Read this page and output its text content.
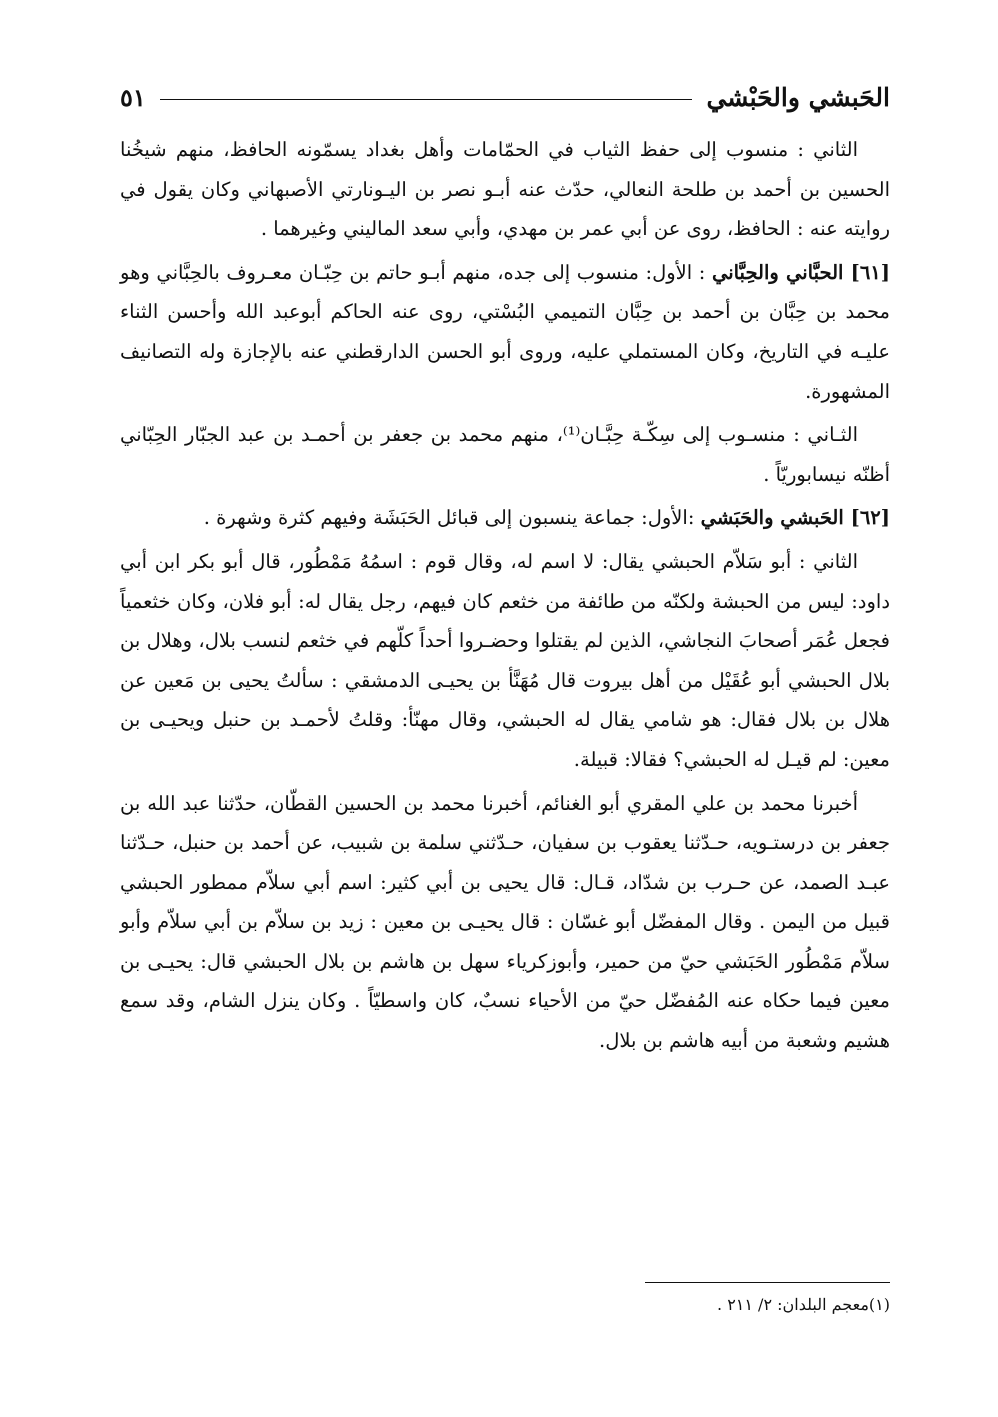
الحَبشي والحَبْشي
٥١

الثاني : منسوب إلى حفظ الثياب في الحمّامات وأهل بغداد يسمّونه الحافظ، منهم شيخُنا الحسين بن أحمد بن طلحة النعالي، حدّث عنه أبـو نصر بن اليـونارتي الأصبهاني وكان يقول في روايته عنه : الحافظ، روى عن أبي عمر بن مهدي، وأبي سعد الماليني وغيرهما .

[٦١] الحبَّاني والحِبَّاني : الأول: منسوب إلى جده، منهم أبـو حاتم بن حِبّـان معـروف بالحِبَّاني وهو محمد بن حِبَّان بن أحمد بن حِبَّان التميمي البُسْتي، روى عنه الحاكم أبوعبد الله وأحسن الثناء عليـه في التاريخ، وكان المستملي عليه، وروى أبو الحسن الدارقطني عنه بالإجازة وله التصانيف المشهورة.

الثـاني : منسـوب إلى سِكّـة حِبَّـان⁽¹⁾، منهم محمد بن جعفر بن أحمـد بن عبد الجبّار الحِبّاني أظنّه نيسابوريّاً .

[٦٢] الحَبشي والحَبَشي :الأول: جماعة ينسبون إلى قبائل الحَبَشَة وفيهم كثرة وشهرة .

الثاني : أبو سَلاّم الحبشي يقال: لا اسم له، وقال قوم : اسمُهُ مَمْطُور، قال أبو بكر ابن أبي داود: ليس من الحبشة ولكنّه من طائفة من خثعم كان فيهم، رجل يقال له: أبو فلان، وكان خثعمياً فجعل عُمَر أصحابَ النجاشي، الذين لم يقتلوا وحضـروا أحداً كلّهم في خثعم لنسب بلال، وهلال بن بلال الحبشي أبو عُقَيْل من أهل بيروت قال مُهَنَّأ بن يحيـى الدمشقي : سألتُ يحيى بن مَعين عن هلال بن بلال فقال: هو شامي يقال له الحبشي، وقال مهنّأ: وقلتُ لأحمـد بن حنبل ويحيـى بن معين: لم قيـل له الحبشي؟ فقالا: قبيلة.

أخبرنا محمد بن علي المقري أبو الغنائم، أخبرنا محمد بن الحسين القطّان، حدّثنا عبد الله بن جعفر بن درستـويه، حـدّثنا يعقوب بن سفيان، حـدّثني سلمة بن شبيب، عن أحمد بن حنبل، حـدّثنا عبـد الصمد، عن حـرب بن شدّاد، قـال: قال يحيى بن أبي كثير: اسم أبي سلاّم ممطور الحبشي قبيل من اليمن . وقال المفضّل أبو غسّان : قال يحيـى بن معين : زيد بن سلاّم بن أبي سلاّم وأبو سلاّم مَمْطُور الحَبَشي حيّ من حمير، وأبوزكرياء سهل بن هاشم بن بلال الحبشي قال: يحيـى بن معين فيما حكاه عنه المُفضّل حيّ من الأحياء نسبٌ، كان واسطيّاً . وكان ينزل الشام، وقد سمع هشيم وشعبة من أبيه هاشم بن بلال.

(١)معجم البلدان: ٢/ ٢١١ .
